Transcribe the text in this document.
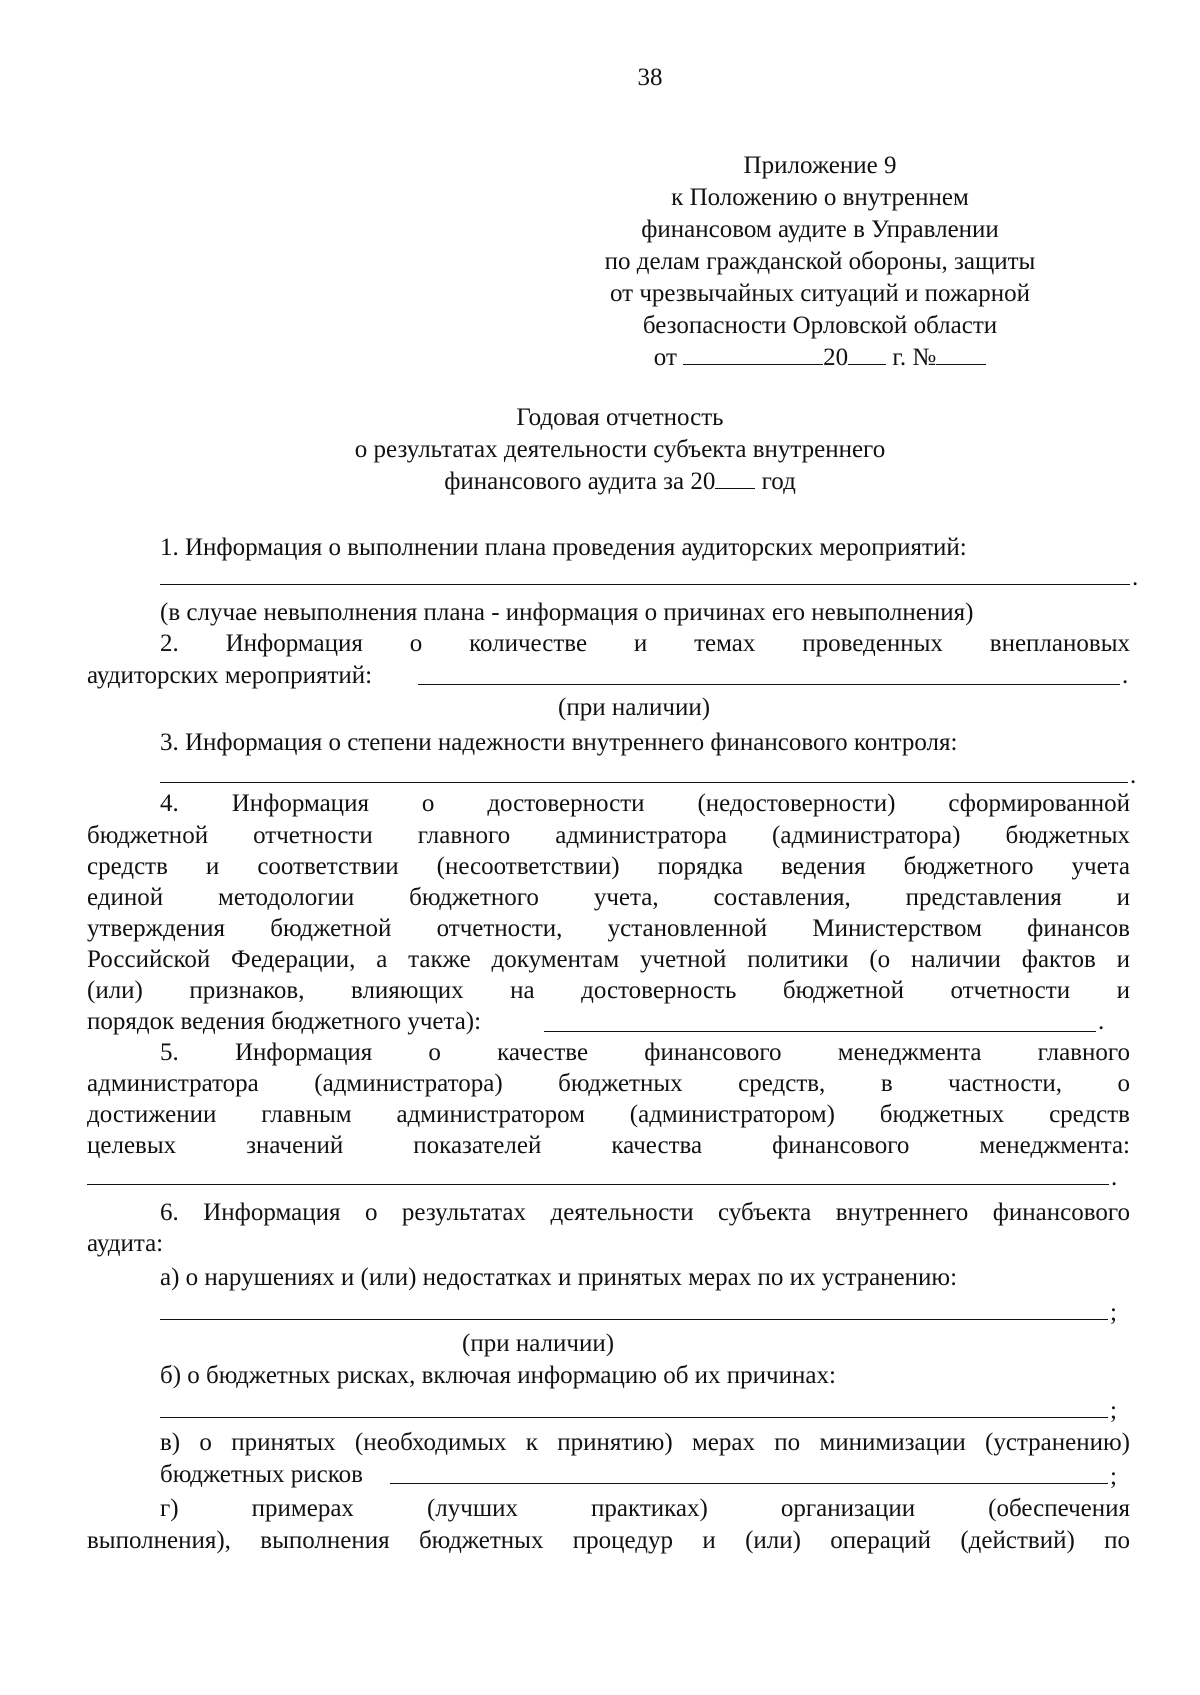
38
Приложение 9
к Положению о внутреннем
финансовом аудите в Управлении
по делам гражданской обороны, защиты
от чрезвычайных ситуаций и пожарной
безопасности Орловской области
от	20 г. №
Годовая отчетность
о результатах деятельности субъекта внутреннего
финансового аудита за 20 год
1. Информация о выполнении плана проведения аудиторских мероприятий:
.
(в случае невыполнения плана - информация о причинах его невыполнения)
2. Информация о количестве и темах проведенных внеплановых
аудиторских мероприятий:	.
(при наличии)
3. Информация о степени надежности внутреннего финансового контроля:
.
4. Информация о достоверности (недостоверности) сформированной
бюджетной отчетности главного администратора (администратора) бюджетных
средств и соответствии (несоответствии) порядка ведения бюджетного учета
единой методологии бюджетного учета, составления, представления и
утверждения бюджетной отчетности, установленной Министерством финансов
Российской Федерации, а также документам учетной политики (о наличии фактов и
(или) признаков, влияющих на достоверность бюджетной отчетности и
порядок ведения бюджетного учета):	.
5. Информация о качестве финансового менеджмента главного
администратора (администратора) бюджетных средств, в частности, о
достижении главным администратором (администратором) бюджетных средств
целевых значений показателей качества финансового менеджмента:
.
6. Информация о результатах деятельности субъекта внутреннего финансового
аудита:
а) о нарушениях и (или) недостатках и принятых мерах по их устранению:
;
(при наличии)
б) о бюджетных рисках, включая информацию об их причинах:
;
в) о принятых (необходимых к принятию) мерах по минимизации (устранению)
бюджетных рисков	;
г) примерах (лучших практиках) организации (обеспечения
выполнения), выполнения бюджетных процедур и (или) операций (действий) по
